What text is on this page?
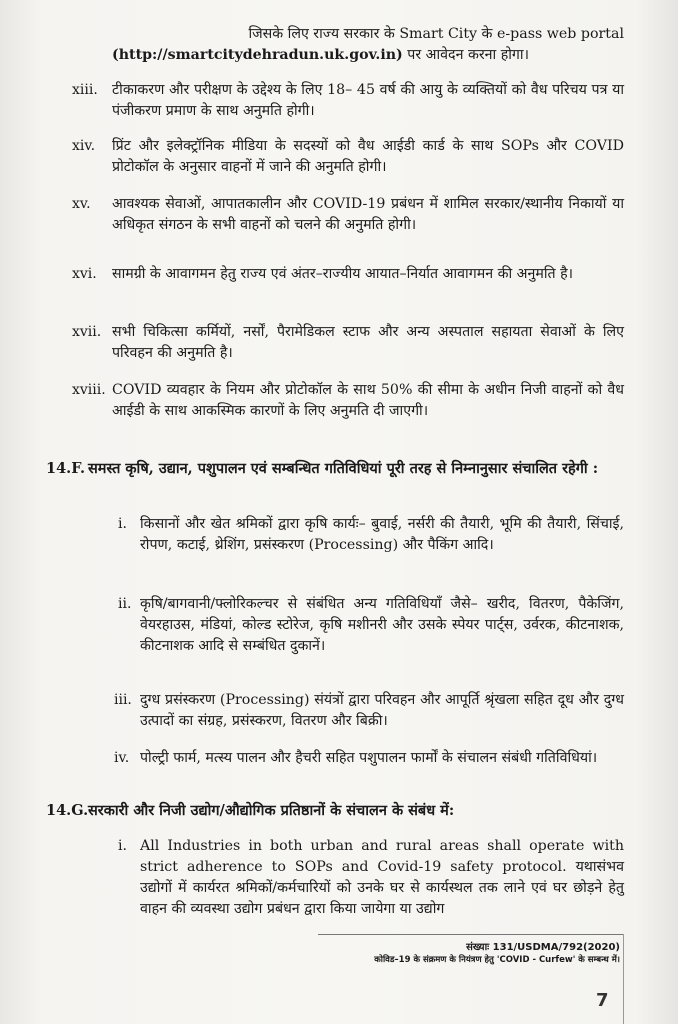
जिसके लिए राज्य सरकार के Smart City के e-pass web portal
(http://smartcitydehradun.uk.gov.in) पर आवेदन करना होगा।
xiii. टीकाकरण और परीक्षण के उद्देश्य के लिए 18– 45 वर्ष की आयु के व्यक्तियों को वैध परिचय पत्र या पंजीकरण प्रमाण के साथ अनुमति होगी।
xiv. प्रिंट और इलेक्ट्रॉनिक मीडिया के सदस्यों को वैध आईडी कार्ड के साथ SOPs और COVID प्रोटोकॉल के अनुसार वाहनों में जाने की अनुमति होगी।
xv. आवश्यक सेवाओं, आपातकालीन और COVID-19 प्रबंधन में शामिल सरकार/स्थानीय निकायों या अधिकृत संगठन के सभी वाहनों को चलने की अनुमति होगी।
xvi. सामग्री के आवागमन हेतु राज्य एवं अंतर–राज्यीय आयात–निर्यात आवागमन की अनुमति है।
xvii. सभी चिकित्सा कर्मियों, नर्सों, पैरामेडिकल स्टाफ और अन्य अस्पताल सहायता सेवाओं के लिए परिवहन की अनुमति है।
xviii. COVID व्यवहार के नियम और प्रोटोकॉल के साथ 50% की सीमा के अधीन निजी वाहनों को वैध आईडी के साथ आकस्मिक कारणों के लिए अनुमति दी जाएगी।
14.F. समस्त कृषि, उद्यान, पशुपालन एवं सम्बन्धित गतिविधियां पूरी तरह से निम्नानुसार संचालित रहेगी :
i. किसानों और खेत श्रमिकों द्वारा कृषि कार्यः– बुवाई, नर्सरी की तैयारी, भूमि की तैयारी, सिंचाई, रोपण, कटाई, थ्रेशिंग, प्रसंस्करण (Processing) और पैकिंग आदि।
ii. कृषि/बागवानी/फ्लोरिकल्चर से संबंधित अन्य गतिविधियाँ जैसे– खरीद, वितरण, पैकेजिंग, वेयरहाउस, मंडियां, कोल्ड स्टोरेज, कृषि मशीनरी और उसके स्पेयर पार्ट्स, उर्वरक, कीटनाशक, कीटनाशक आदि से सम्बंधित दुकानें।
iii. दुग्ध प्रसंस्करण (Processing) संयंत्रों द्वारा परिवहन और आपूर्ति श्रृंखला सहित दूध और दुग्ध उत्पादों का संग्रह, प्रसंस्करण, वितरण और बिक्री।
iv. पोल्ट्री फार्म, मत्स्य पालन और हैचरी सहित पशुपालन फार्मों के संचालन संबंधी गतिविधियां।
14.G. सरकारी और निजी उद्योग/औद्योगिक प्रतिष्ठानों के संचालन के संबंध में:
i. All Industries in both urban and rural areas shall operate with strict adherence to SOPs and Covid-19 safety protocol. यथासंभव उद्योगों में कार्यरत श्रमिकों/कर्मचारियों को उनके घर से कार्यस्थल तक लाने एवं घर छोड़ने हेतु वाहन की व्यवस्था उद्योग प्रबंधन द्वारा किया जायेगा या उद्योग
संख्याः 131/USDMA/792(2020)
कोविड–19 के संक्रमण के नियंत्रण हेतु 'COVID - Curfew' के सम्बन्ध में।
7
